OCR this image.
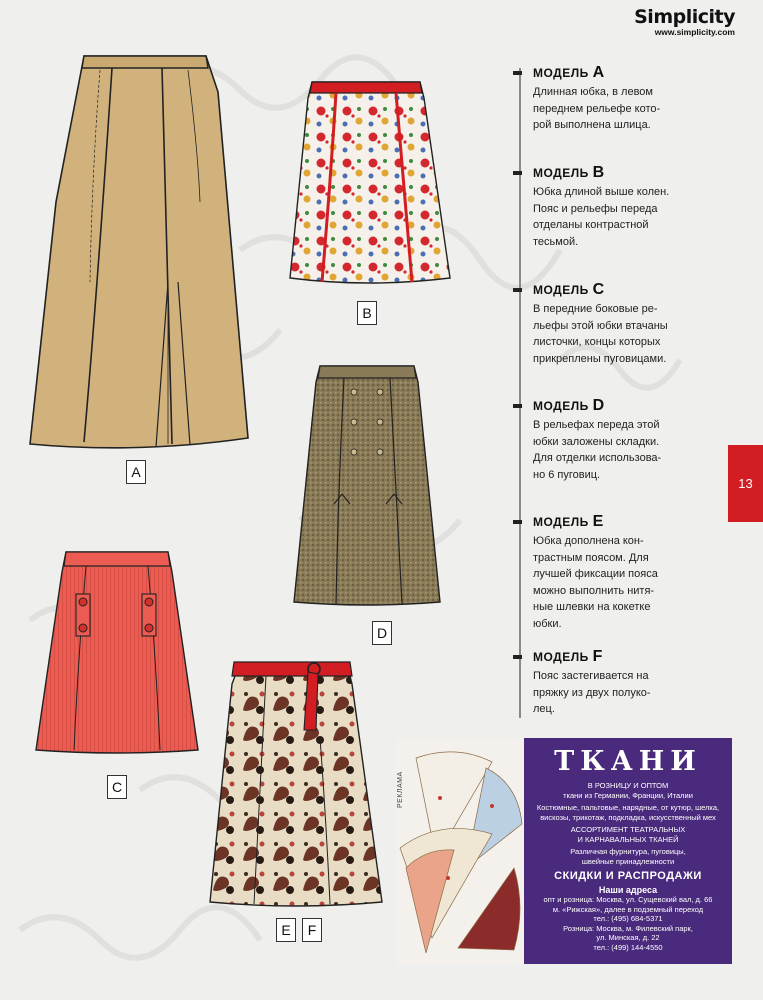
Simplicity
www.simplicity.com
A
B
C
D
E	F
МОДЕЛЬ A
Длинная юбка, в левом
переднем рельефе кото-
рой выполнена шлица.
МОДЕЛЬ B
Юбка длиной выше колен.
Пояс и рельефы переда
отделаны контрастной
тесьмой.
МОДЕЛЬ C
В передние боковые ре-
льефы этой юбки втачаны
листочки, концы которых
прикреплены пуговицами.
МОДЕЛЬ D
В рельефах переда этой
юбки заложены складки.
Для отделки использова-
но 6 пуговиц.
МОДЕЛЬ E
Юбка дополнена кон-
трастным поясом. Для
лучшей фиксации пояса
можно выполнить нитя-
ные шлевки на кокетке
юбки.
МОДЕЛЬ F
Пояс застегивается на
пряжку из двух полуко-
лец.
13
РЕКЛАМА
ТКАНИ
В РОЗНИЦУ И ОПТОМ
ткани из Германии, Франции, Италии
Костюмные, пальтовые, нарядные, от кутюр, шелка,
вискозы, трикотаж, подкладка, искусственный мех
АССОРТИМЕНТ ТЕАТРАЛЬНЫХ
И КАРНАВАЛЬНЫХ ТКАНЕЙ
Различная фурнитура, пуговицы,
швейные принадлежности
СКИДКИ И РАСПРОДАЖИ
Наши адреса
опт и розница: Москва, ул. Сущевский вал, д. 66
м. «Рижская», далее в подземный переход
тел.: (495) 684-5371
Розница: Москва, м. Филевский парк,
ул. Минская, д. 22
тел.: (499) 144-4550
